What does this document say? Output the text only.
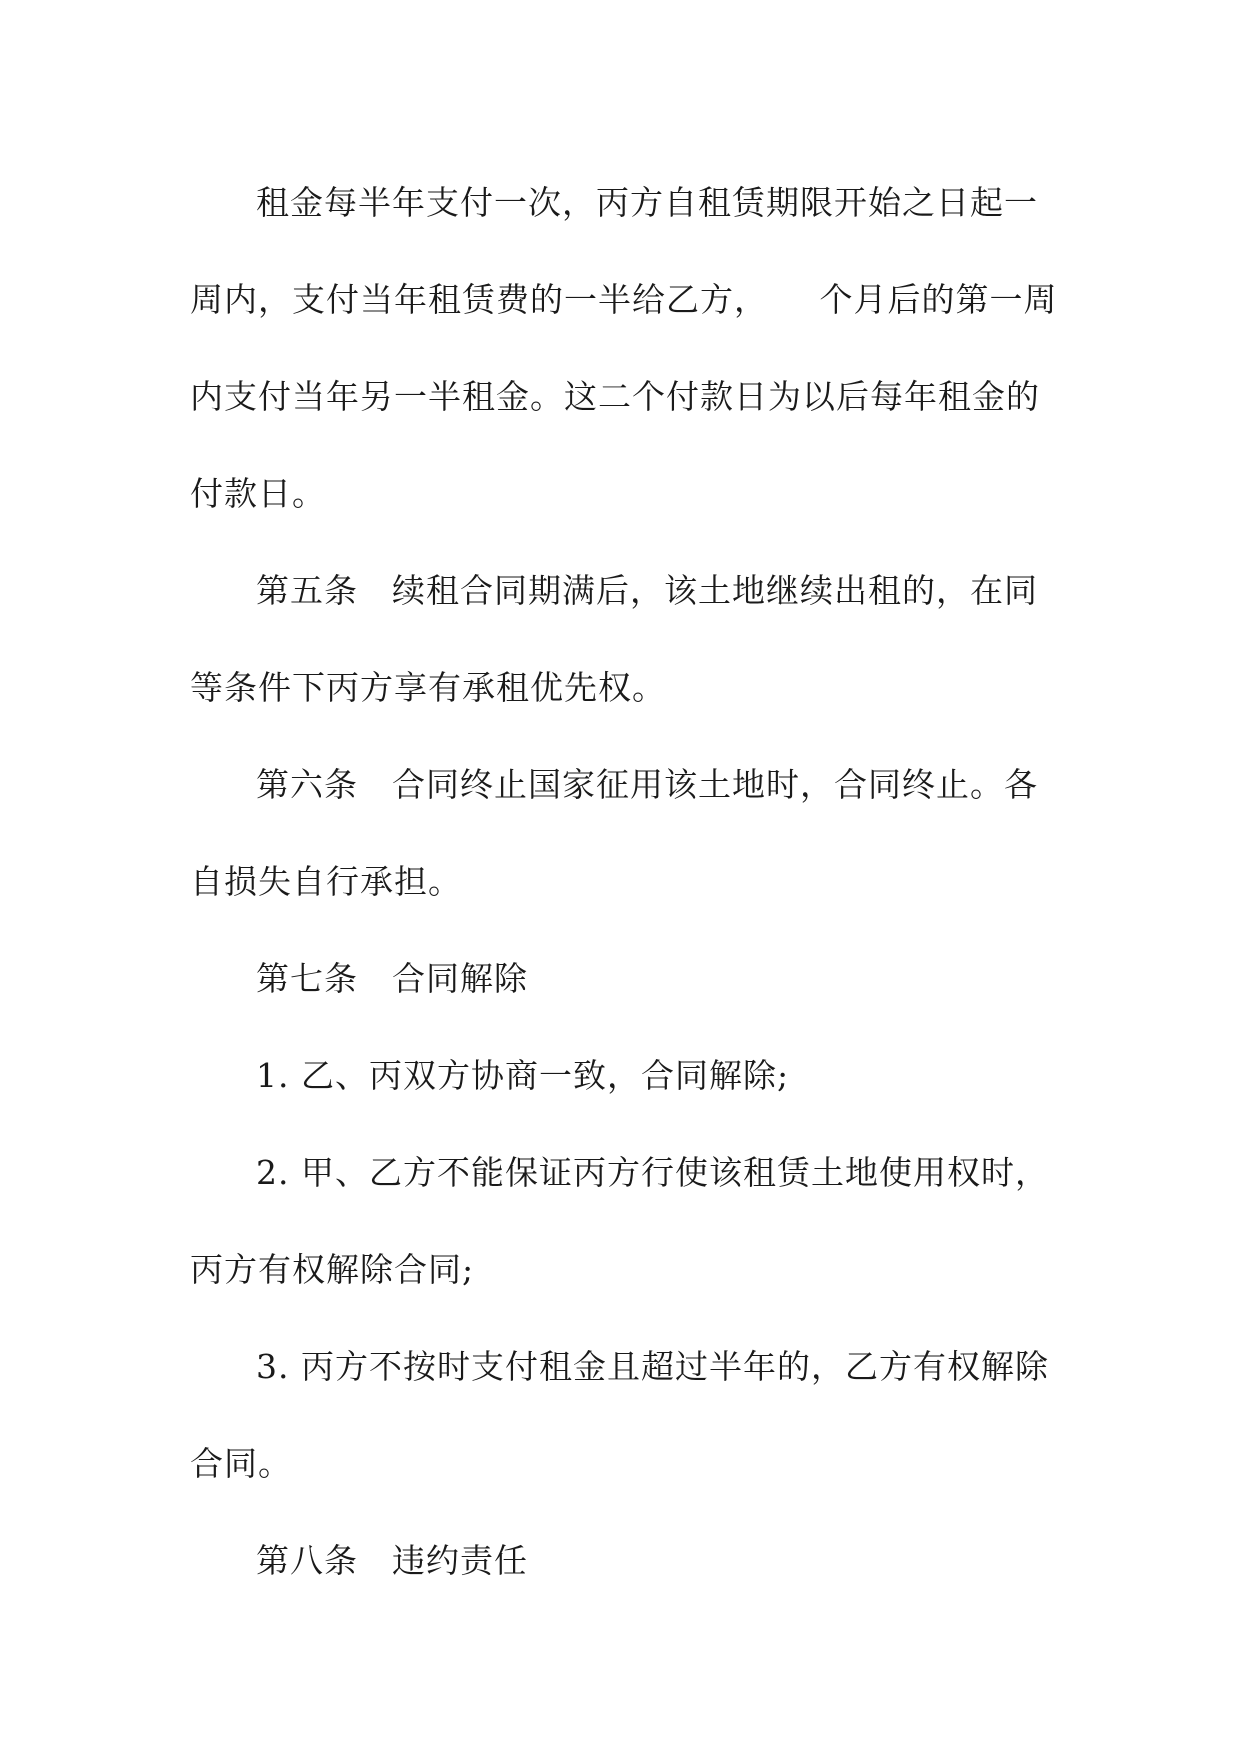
租金每半年支付一次，丙方自租赁期限开始之日起一
周内，支付当年租赁费的一半给乙方，　　个月后的第一周
内支付当年另一半租金。这二个付款日为以后每年租金的
付款日。
第五条　续租合同期满后，该土地继续出租的，在同
等条件下丙方享有承租优先权。
第六条　合同终止国家征用该土地时，合同终止。各
自损失自行承担。
第七条　合同解除
1. 乙、丙双方协商一致，合同解除;
2. 甲、乙方不能保证丙方行使该租赁土地使用权时，
丙方有权解除合同;
3. 丙方不按时支付租金且超过半年的，乙方有权解除
合同。
第八条　违约责任
